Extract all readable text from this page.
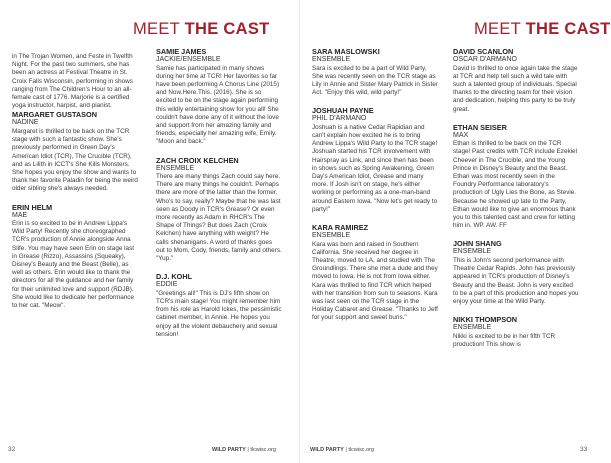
MEET THE CAST

in The Trojan Women, and Feste in Twelfth Night. For the past two summers, she has been an actress at Festival Theatre in St. Croix Falls Wisconsin, performing in shows ranging from The Children's Hour to an all-female cast of 1776. Marjorie is a certified yoga instructor, harpist, and pianist.

MARGARET GUSTASON
NADINE

Margaret is thrilled to be back on the TCR stage with such a fantastic show. She's previously performed in Green Day's American Idiot (TCR), The Crucible (TCR), and as Lilith in ICCT's She Kills Monsters. She hopes you enjoy the show and wants to thank her favorite Paladin for being the weird older sibling she's always needed.

ERIN HELM
MAE

Erin is so excited to be in Andrew Lippa's Wild Party! Recently she choreographed TCR's production of Annie alongside Anna Slife. You may have seen Erin on stage last in Grease (Rizzo), Assassins (Squeaky), Disney's Beauty and the Beast (Belle), as well as others. Erin would like to thank the directors for all the guidance and her family for their unlimited love and support (RDJB). She would like to dedicate her performance to her cat. "Meow".

SAMIE JAMES
JACKIE/ENSEMBLE

Samie has participated in many shows during her time at TCR! Her favorites so far have been performing A Chorus Line (2015) and Now.Here.This. (2016). She is so excited to be on the stage again performing this wildly entertaining show for you all! She couldn't have done any of it without the love and support from her amazing family and friends, especially her amazing wife, Emily. "Moon and back."

ZACH CROIX KELCHEN
ENSEMBLE

There are many things Zach could say here. There are many things he couldn't. Perhaps there are more of the latter than the former. Who's to say, really? Maybe that he was last seen as Doody in TCR's Grease? Or even more recently as Adam in RHCR's The Shape of Things? But does Zach (Croix Kelchen) have anything with weight? He calls shenanigans. A word of thanks goes out to Mom, Cody, friends, family and others. "Yup."

D.J. KOHL
EDDIE

"Greetings all!" This is DJ's fifth show on TCR's main stage! You might remember him from his role as Harold Ickes, the pessimistic cabinet member, in Annie. He hopes you enjoy all the violent debauchery and sexual tension!

32	WILD PARTY | tlcwisc.org
MEET THE CAST
SARA MASLOWSKI
ENSEMBLE

Sara is excited to be a part of Wild Party. She was recently seen on the TCR stage as Lily in Annie and Sister Mary Patrick in Sister Act. "Enjoy this wild, wild party!"

JOSHUAH PAYNE
PHIL D'ARMANO

Joshuah is a native Cedar Rapidian and can't explain how excited he is to bring Andrew Lippa's Wild Party to the TCR stage! Joshuah started his TCR involvement with Hairspray as Link, and since then has been in shows such as Spring Awakening, Green Day's American Idiot, Grease and many more. If Josh isn't on stage, he's either working or performing as a one-man-band around Eastern Iowa. "Now let's get ready to party!"

KARA RAMIREZ
ENSEMBLE

Kara was born and raised in Southern California. She received her degree in Theatre, moved to LA, and studied with The Groundlings. There she met a dude and they moved to Iowa. He is not from Iowa either. Kara was thrilled to find TCR which helped with her transition from sun to seasons. Kara was last seen on the TCR stage in the Holiday Cabaret and Grease. "Thanks to Jeff for your support and sweet buns."

DAVID SCANLON
OSCAR D'ARMANO

David is thrilled to once again take the stage at TCR and help tell such a wild tale with such a talented group of individuals. Special thanks to the directing team for their vision and dedication, helping this party to be truly great.

ETHAN SEISER
MAX

Ethan is thrilled to be back on the TCR stage! Past credits with TCR include Ezekiel Cheever in The Crucible, and the Young Prince in Disney's Beauty and the Beast. Ethan was most recently seen in the Foundry Performance laboratory's production of Ugly Lies the Bone, as Stevie. Because he showed up late to the Party, Ethan would like to give an enormous thank you to this talented cast and crew for letting him in. WP. AW. FF

JOHN SHANG
ENSEMBLE

This is John's second performance with Theatre Cedar Rapids. John has previously appeared in TCR's production of Disney's Beauty and the Beast. John is very excited to be a part of this production and hopes you enjoy your time at the Wild Party.

NIKKI THOMPSON
ENSEMBLE

Nikki is excited to be in her fifth TCR production! This show is

WILD PARTY | tlcwisc.org	33
